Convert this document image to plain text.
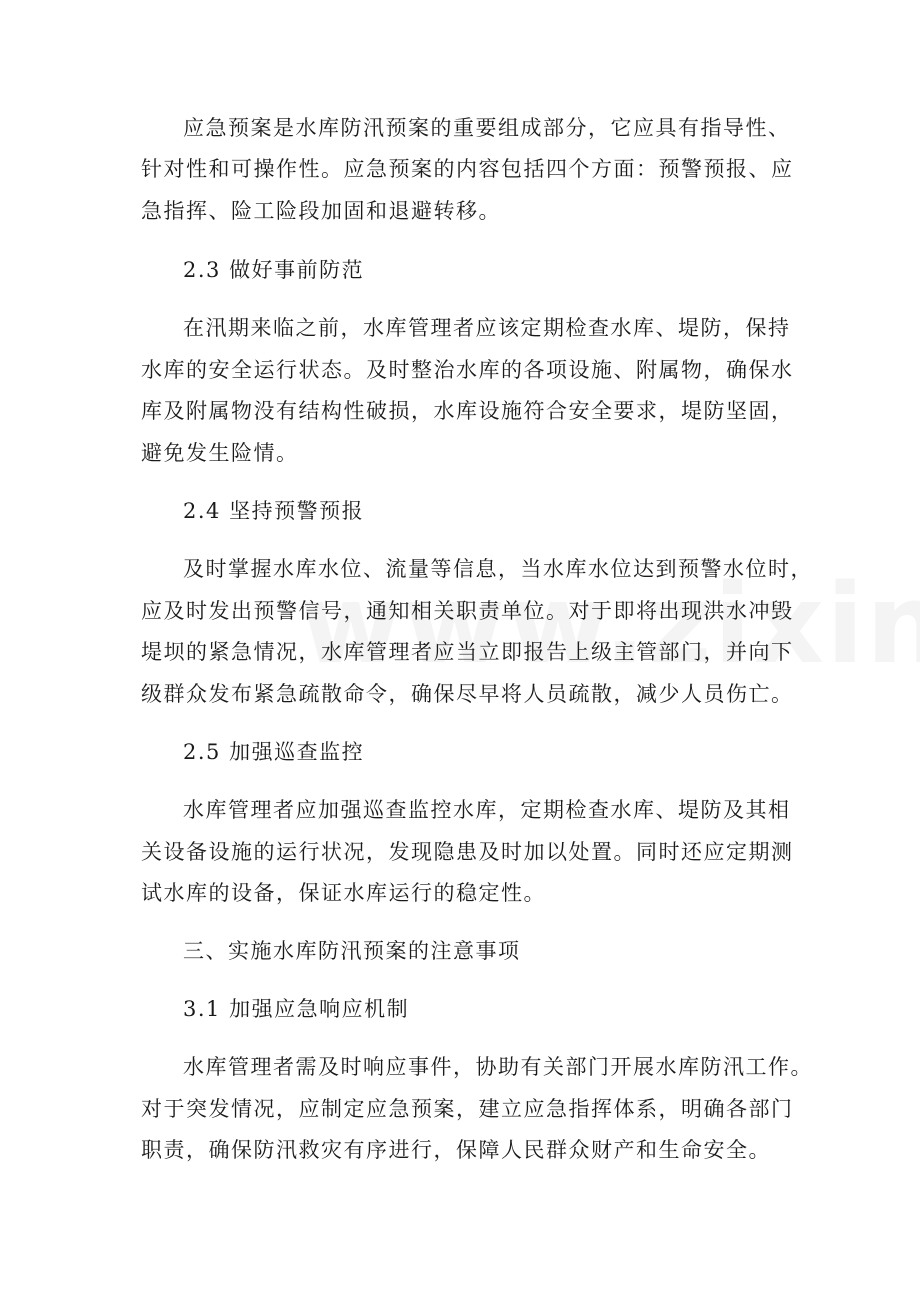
应急预案是水库防汛预案的重要组成部分，它应具有指导性、
针对性和可操作性。应急预案的内容包括四个方面：预警预报、应
急指挥、险工险段加固和退避转移。
2.3 做好事前防范
在汛期来临之前，水库管理者应该定期检查水库、堤防，保持
水库的安全运行状态。及时整治水库的各项设施、附属物，确保水
库及附属物没有结构性破损，水库设施符合安全要求，堤防坚固，
避免发生险情。
2.4 坚持预警预报
及时掌握水库水位、流量等信息，当水库水位达到预警水位时，
应及时发出预警信号，通知相关职责单位。对于即将出现洪水冲毁
堤坝的紧急情况，水库管理者应当立即报告上级主管部门，并向下
级群众发布紧急疏散命令，确保尽早将人员疏散，减少人员伤亡。
2.5 加强巡查监控
水库管理者应加强巡查监控水库，定期检查水库、堤防及其相
关设备设施的运行状况，发现隐患及时加以处置。同时还应定期测
试水库的设备，保证水库运行的稳定性。
三、实施水库防汛预案的注意事项
3.1 加强应急响应机制
水库管理者需及时响应事件，协助有关部门开展水库防汛工作。
对于突发情况，应制定应急预案，建立应急指挥体系，明确各部门
职责，确保防汛救灾有序进行，保障人民群众财产和生命安全。
